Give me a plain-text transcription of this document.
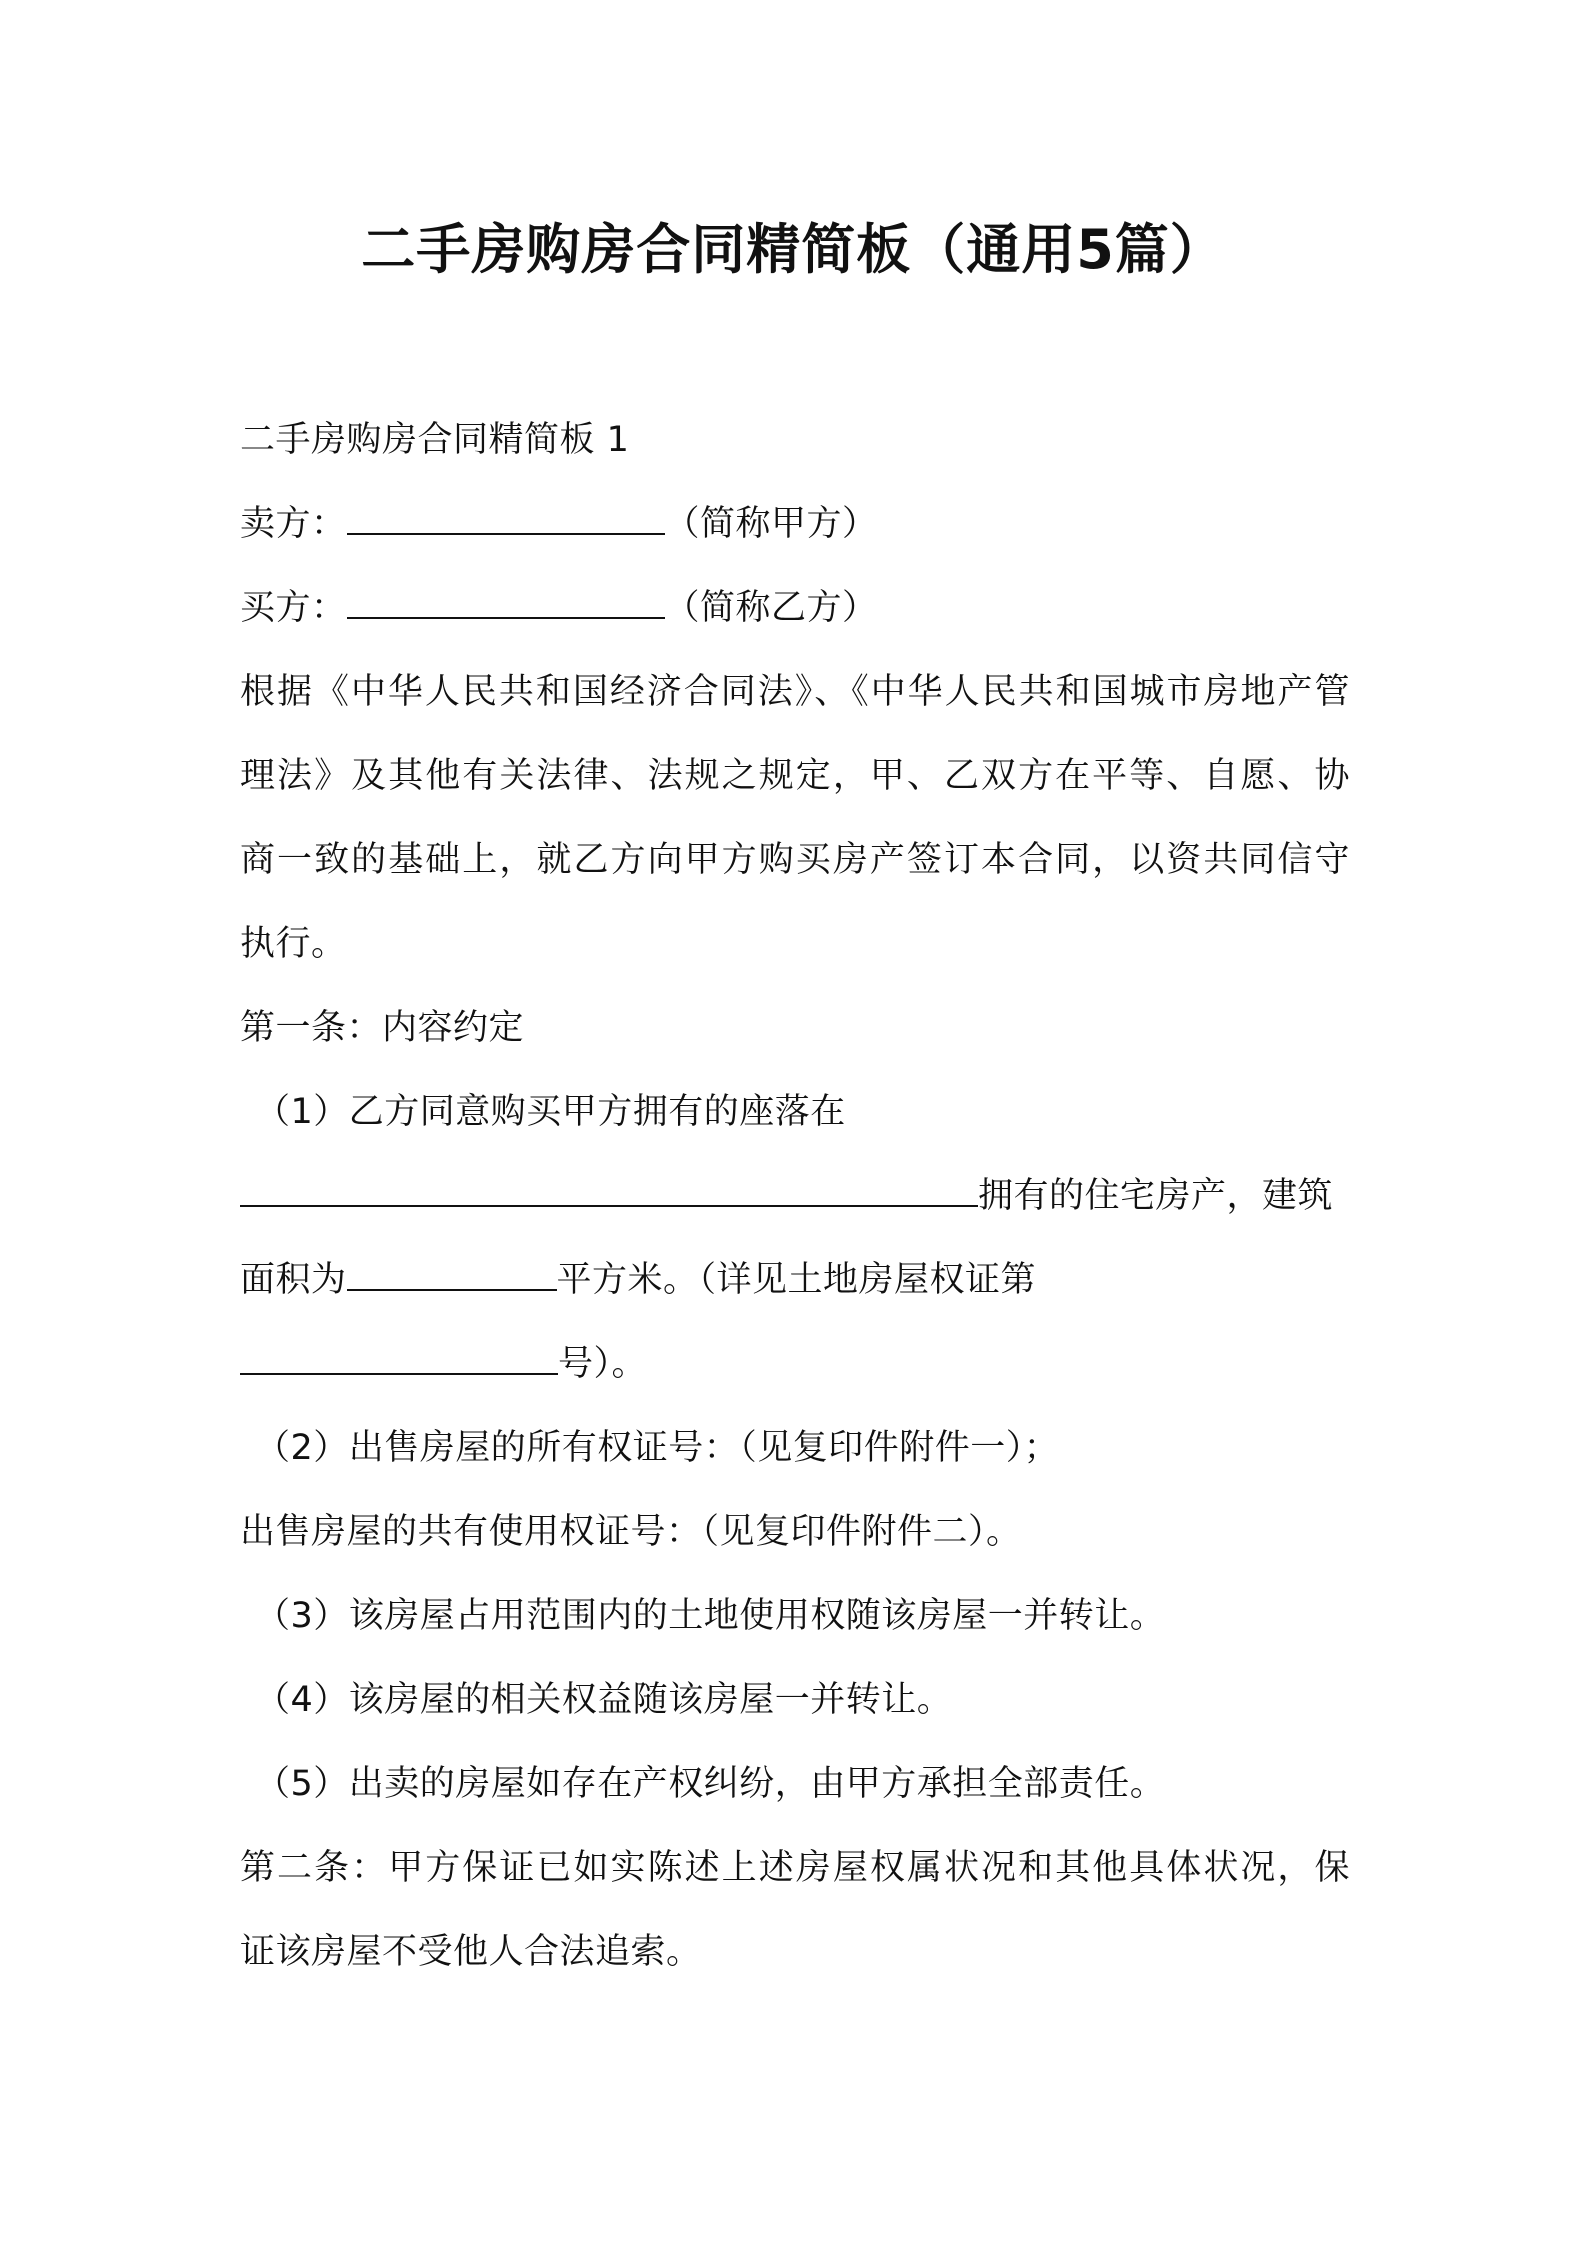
二手房购房合同精简板（通用5篇）
二手房购房合同精简板 1
卖方：	（简称甲方）
买方：	（简称乙方）
根据《中华人民共和国经济合同法》、《中华人民共和国城市房地产管
理法》及其他有关法律、法规之规定，甲、乙双方在平等、自愿、协
商一致的基础上，就乙方向甲方购买房产签订本合同，以资共同信守
执行。
第一条：内容约定
（1）乙方同意购买甲方拥有的座落在
拥有的住宅房产，建筑
面积为	平方米。（详见土地房屋权证第
号）。
（2）出售房屋的所有权证号：（见复印件附件一）；
出售房屋的共有使用权证号：（见复印件附件二）。
（3）该房屋占用范围内的土地使用权随该房屋一并转让。
（4）该房屋的相关权益随该房屋一并转让。
（5）出卖的房屋如存在产权纠纷，由甲方承担全部责任。
第二条：甲方保证已如实陈述上述房屋权属状况和其他具体状况，保
证该房屋不受他人合法追索。
